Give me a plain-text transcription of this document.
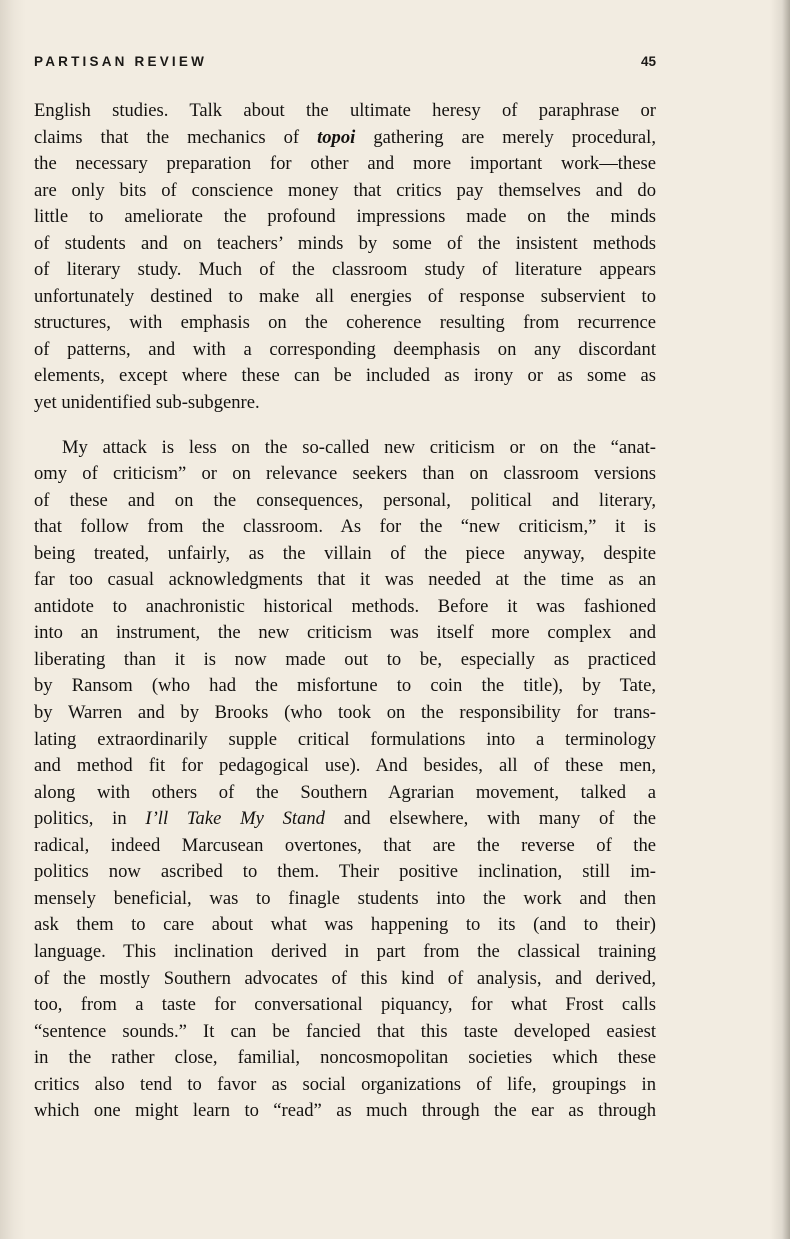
PARTISAN REVIEW	45
English studies. Talk about the ultimate heresy of paraphrase or
claims that the mechanics of topoi gathering are merely procedural,
the necessary preparation for other and more important work—these
are only bits of conscience money that critics pay themselves and do
little to ameliorate the profound impressions made on the minds
of students and on teachers’ minds by some of the insistent methods
of literary study. Much of the classroom study of literature appears
unfortunately destined to make all energies of response subservient to
structures, with emphasis on the coherence resulting from recurrence
of patterns, and with a corresponding deemphasis on any discordant
elements, except where these can be included as irony or as some as
yet unidentified sub-subgenre.
My attack is less on the so-called new criticism or on the “anat-
omy of criticism” or on relevance seekers than on classroom versions
of these and on the consequences, personal, political and literary,
that follow from the classroom. As for the “new criticism,” it is
being treated, unfairly, as the villain of the piece anyway, despite
far too casual acknowledgments that it was needed at the time as an
antidote to anachronistic historical methods. Before it was fashioned
into an instrument, the new criticism was itself more complex and
liberating than it is now made out to be, especially as practiced
by Ransom (who had the misfortune to coin the title), by Tate,
by Warren and by Brooks (who took on the responsibility for trans-
lating extraordinarily supple critical formulations into a terminology
and method fit for pedagogical use). And besides, all of these men,
along with others of the Southern Agrarian movement, talked a
politics, in I’ll Take My Stand and elsewhere, with many of the
radical, indeed Marcusean overtones, that are the reverse of the
politics now ascribed to them. Their positive inclination, still im-
mensely beneficial, was to finagle students into the work and then
ask them to care about what was happening to its (and to their)
language. This inclination derived in part from the classical training
of the mostly Southern advocates of this kind of analysis, and derived,
too, from a taste for conversational piquancy, for what Frost calls
“sentence sounds.” It can be fancied that this taste developed easiest
in the rather close, familial, noncosmopolitan societies which these
critics also tend to favor as social organizations of life, groupings in
which one might learn to “read” as much through the ear as through
